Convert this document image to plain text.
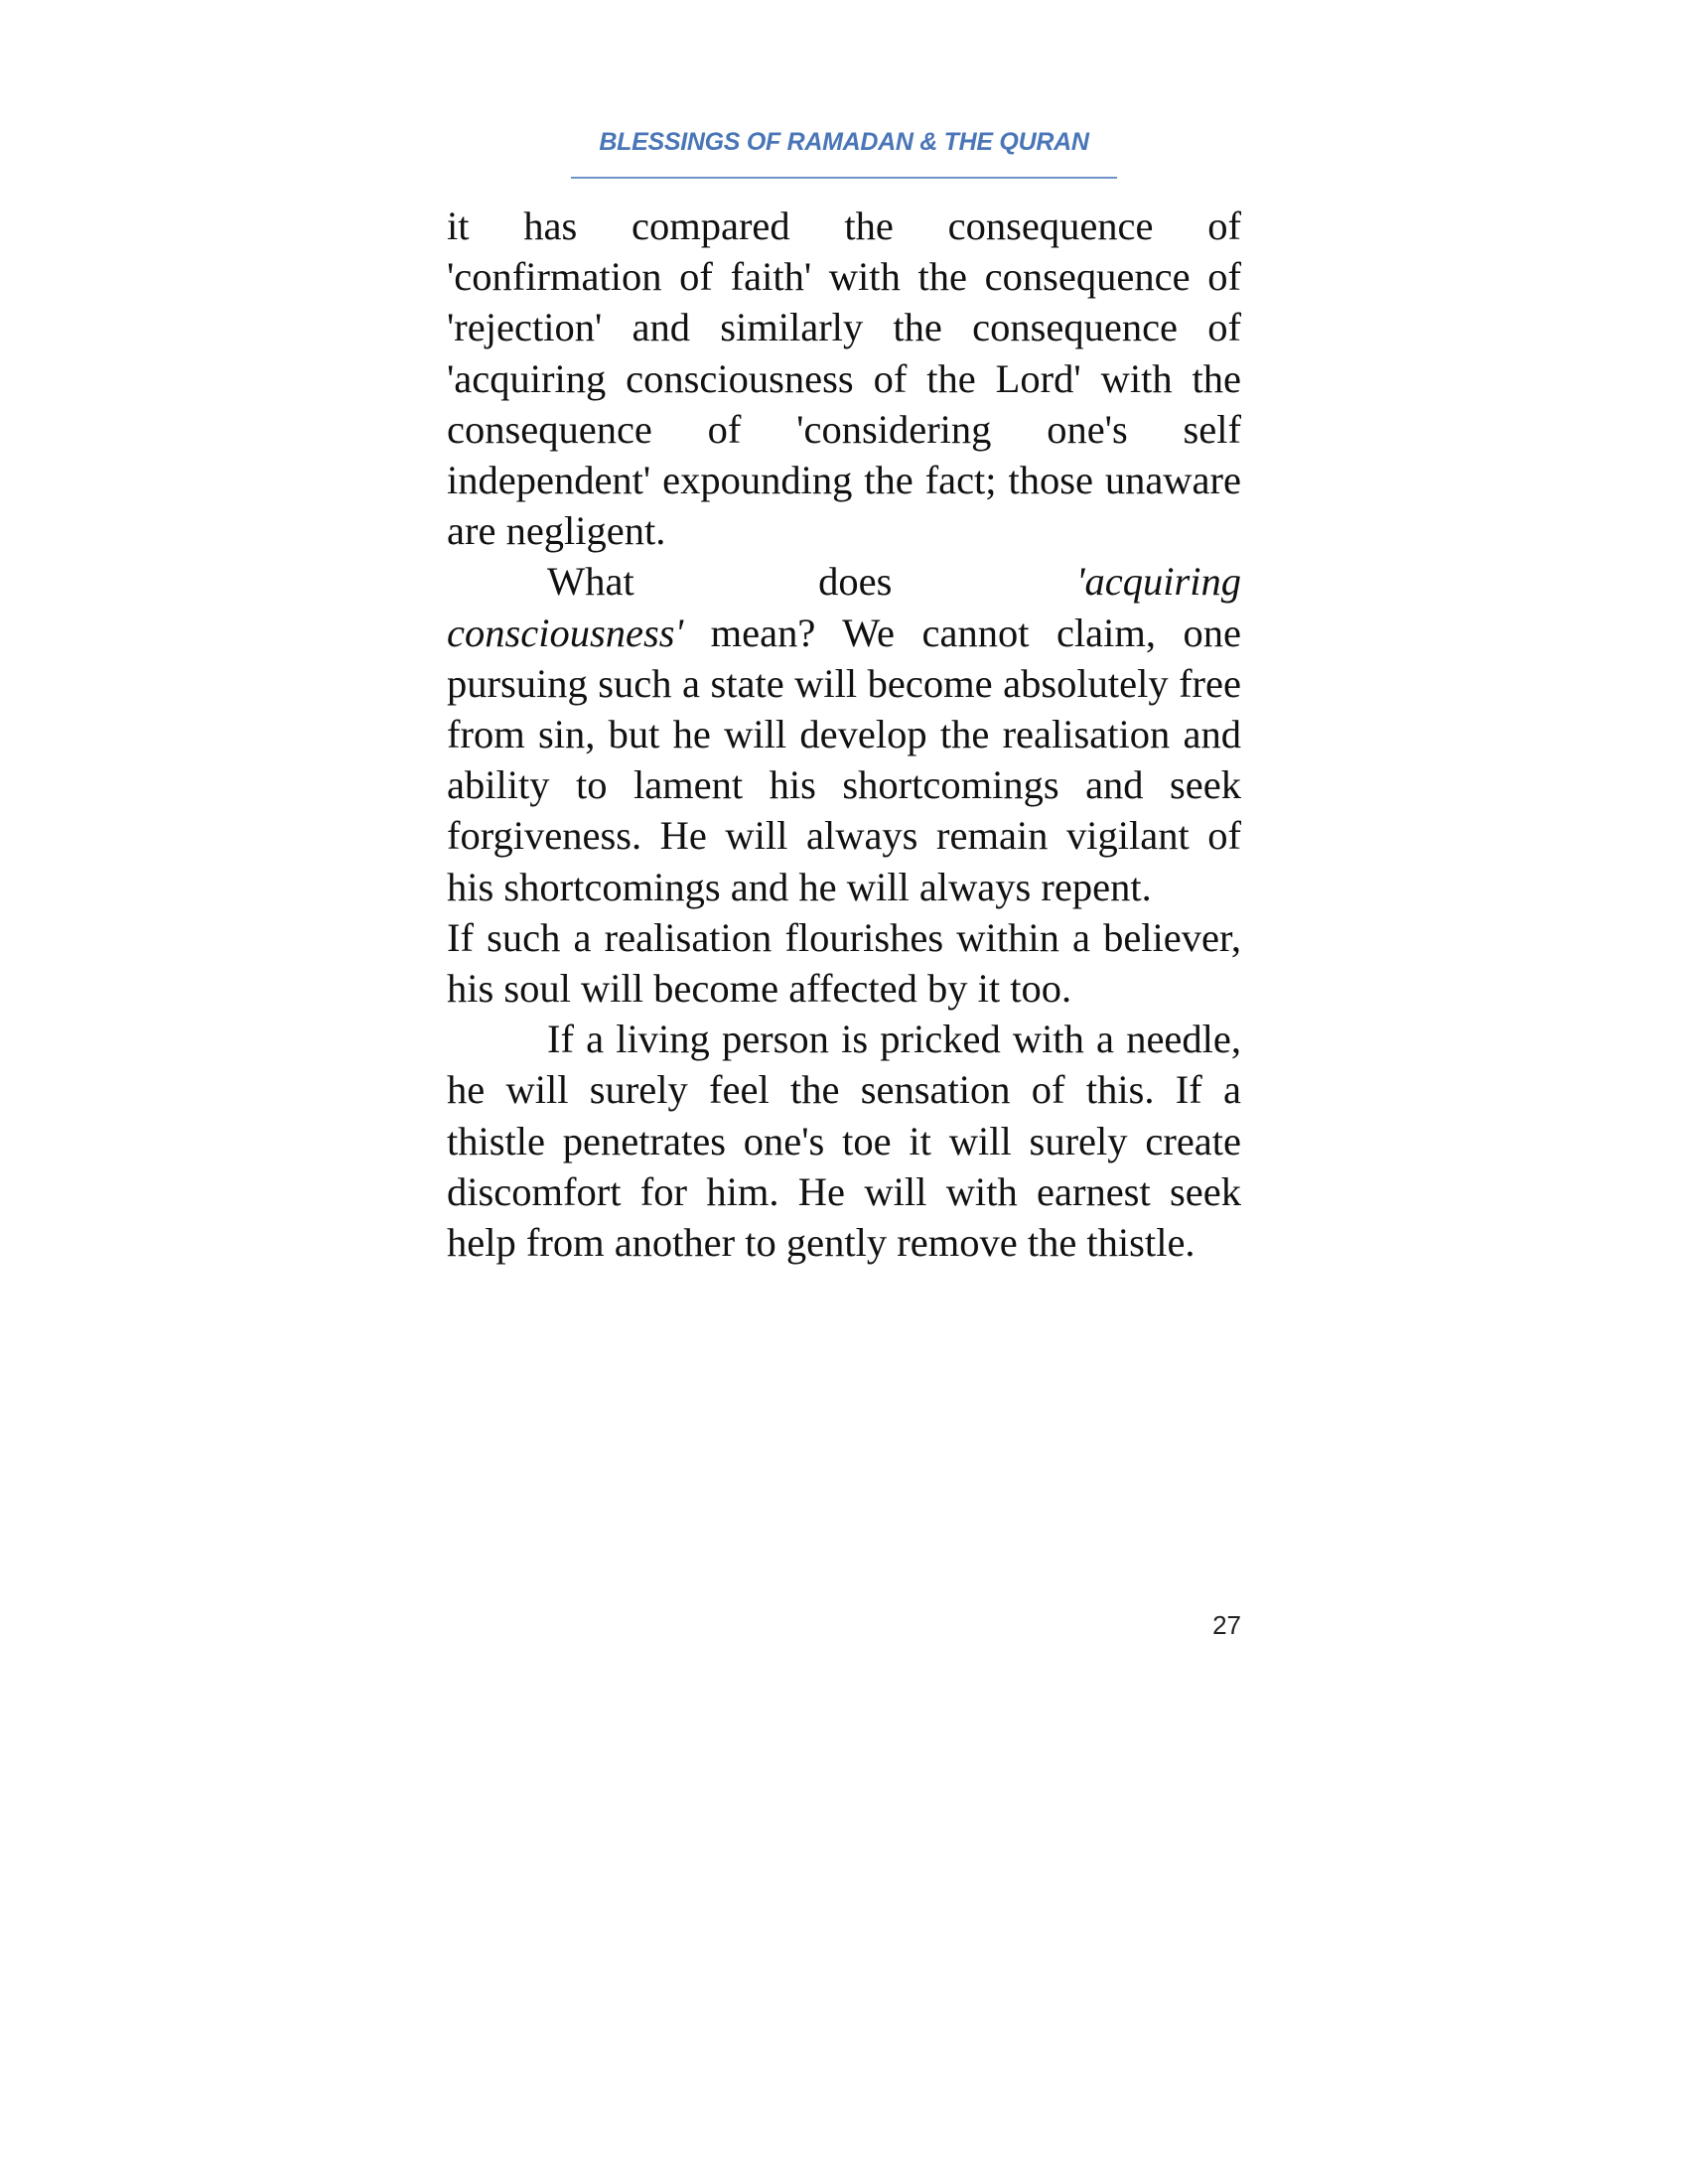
BLESSINGS OF RAMADAN & THE QURAN

it has compared the consequence of 'confirmation of faith' with the consequence of 'rejection' and similarly the consequence of 'acquiring consciousness of the Lord' with the consequence of 'considering one's self independent' expounding the fact; those unaware are negligent.

What	does	'acquiring
consciousness' mean? We cannot claim, one pursuing such a state will become absolutely free from sin, but he will develop the realisation and ability to lament his shortcomings and seek forgiveness. He will always remain vigilant of his shortcomings and he will always repent.

If such a realisation flourishes within a believer, his soul will become affected by it too.

If a living person is pricked with a needle, he will surely feel the sensation of this. If a thistle penetrates one's toe it will surely create discomfort for him. He will with earnest seek help from another to gently remove the thistle.

27
